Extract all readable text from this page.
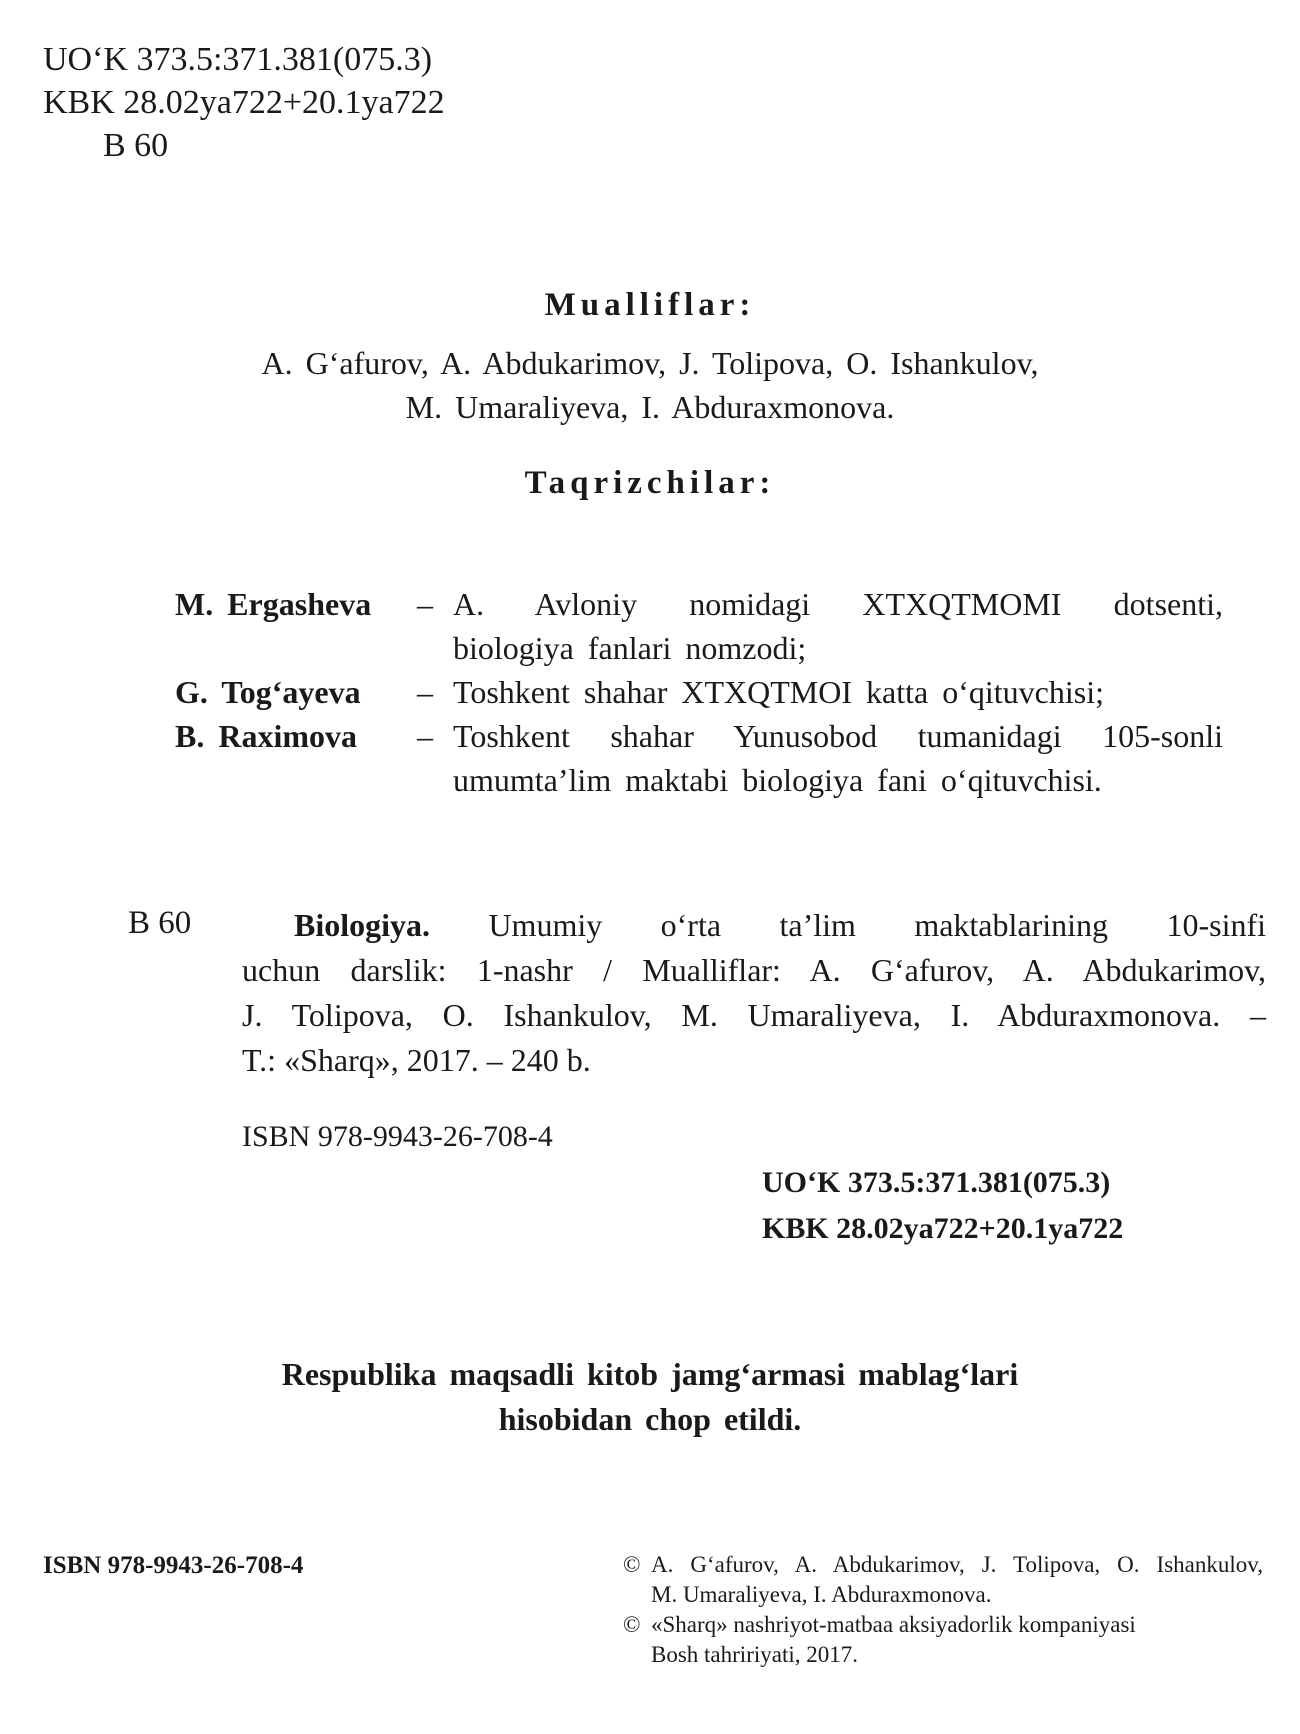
UO‘K 373.5:371.381(075.3)
KBK 28.02ya722+20.1ya722
B 60
Mualliflar:
A. G‘afurov, A. Abdukarimov, J. Tolipova, O. Ishankulov,
M. Umaraliyeva, I. Abduraxmonova.
Taqrizchilar:
M. Ergasheva	–	A. Avloniy nomidagi XTXQTMOMI dotsenti,
biologiya fanlari nomzodi;

G. Tog‘ayeva	–	Toshkent shahar XTXQTMOI katta o‘qituvchisi;

B. Raximova	–	Toshkent shahar Yunusobod tumanidagi 105-sonli
umumta’lim maktabi biologiya fani o‘qituvchisi.
B 60	Biologiya. Umumiy o‘rta ta’lim maktablarining 10-sinfi
uchun darslik: 1-nashr / Mualliflar: A. G‘afurov, A. Abdukarimov,
J. Tolipova, O. Ishankulov, M. Umaraliyeva, I. Abduraxmonova. –
T.: «Sharq», 2017. – 240 b.
ISBN 978-9943-26-708-4
UO‘K 373.5:371.381(075.3)
KBK 28.02ya722+20.1ya722
Respublika maqsadli kitob jamg‘armasi mablag‘lari
hisobidan chop etildi.
ISBN 978-9943-26-708-4	© A. G‘afurov, A. Abdukarimov, J. Tolipova, O. Ishankulov,
M. Umaraliyeva, I. Abduraxmonova.
© «Sharq» nashriyot-matbaa aksiyadorlik kompaniyasi
Bosh tahririyati, 2017.
